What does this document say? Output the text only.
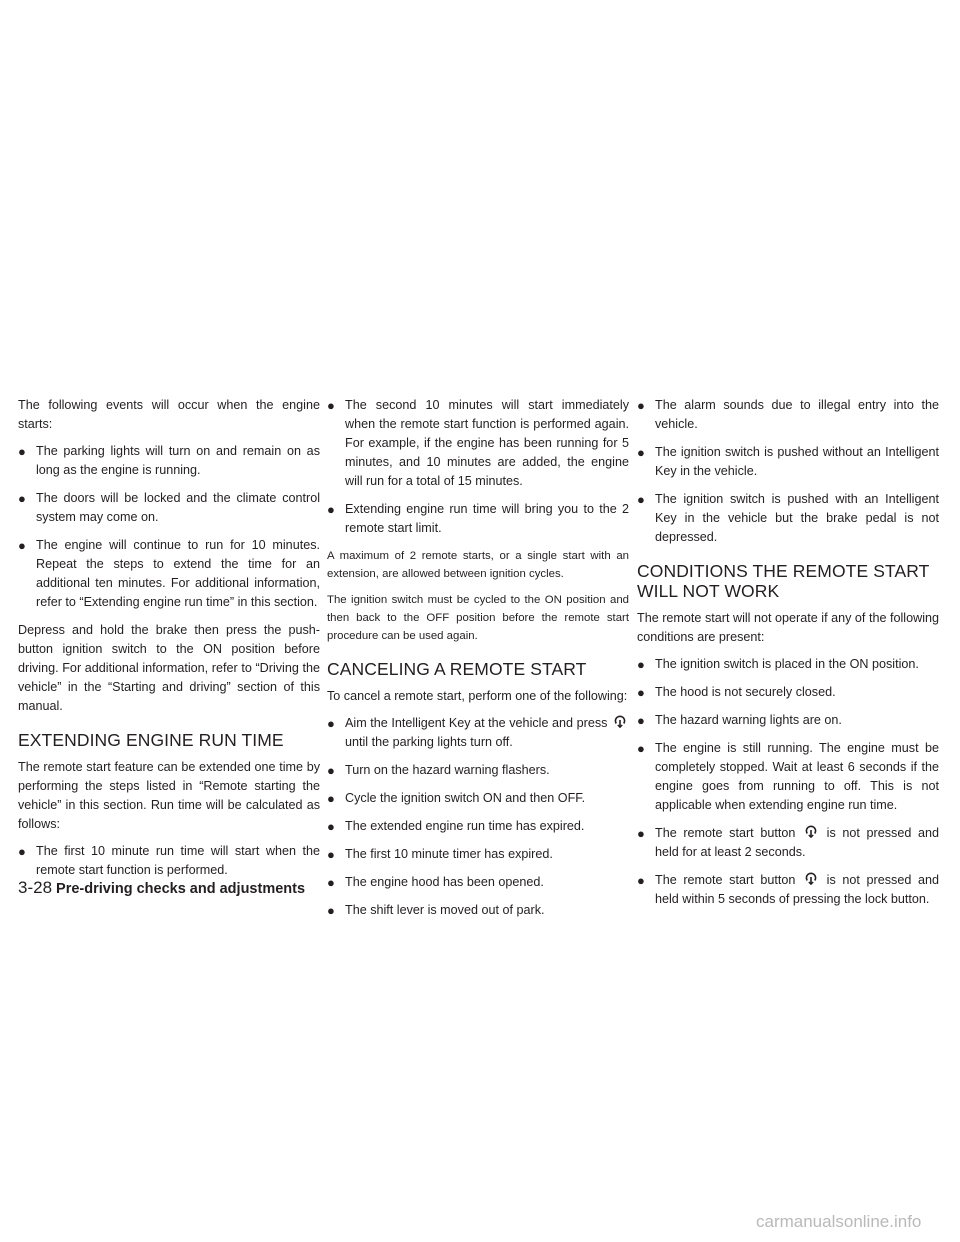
The following events will occur when the engine starts:

● The parking lights will turn on and remain on as long as the engine is running.
● The doors will be locked and the climate control system may come on.
● The engine will continue to run for 10 minutes. Repeat the steps to extend the time for an additional ten minutes. For additional information, refer to “Extending engine run time” in this section.

Depress and hold the brake then press the push-button ignition switch to the ON position before driving. For additional information, refer to “Driving the vehicle” in the “Starting and driving” section of this manual.

EXTENDING ENGINE RUN TIME

The remote start feature can be extended one time by performing the steps listed in “Remote starting the vehicle” in this section. Run time will be calculated as follows:

● The first 10 minute run time will start when the remote start function is performed.
● The second 10 minutes will start immediately when the remote start function is performed again. For example, if the engine has been running for 5 minutes, and 10 minutes are added, the engine will run for a total of 15 minutes.
● Extending engine run time will bring you to the 2 remote start limit.

A maximum of 2 remote starts, or a single start with an extension, are allowed between ignition cycles.

The ignition switch must be cycled to the ON position and then back to the OFF position before the remote start procedure can be used again.

CANCELING A REMOTE START

To cancel a remote start, perform one of the following:

● Aim the Intelligent Key at the vehicle and press
until the parking lights turn off.
● Turn on the hazard warning flashers.
● Cycle the ignition switch ON and then OFF.
● The extended engine run time has expired.
● The first 10 minute timer has expired.
● The engine hood has been opened.
● The shift lever is moved out of park.
● The alarm sounds due to illegal entry into the vehicle.
● The ignition switch is pushed without an Intelligent Key in the vehicle.
● The ignition switch is pushed with an Intelligent Key in the vehicle but the brake pedal is not depressed.
CONDITIONS THE REMOTE START WILL NOT WORK

The remote start will not operate if any of the following conditions are present:

● The ignition switch is placed in the ON position.
● The hood is not securely closed.
● The hazard warning lights are on.
● The engine is still running. The engine must be completely stopped. Wait at least 6 seconds if the engine goes from running to off. This is not applicable when extending engine run time.
● The remote start button is not pressed and held for at least 2 seconds.
● The remote start button is not pressed and held within 5 seconds of pressing the lock button.
3-28 Pre-driving checks and adjustments
carmanualsonline.info
